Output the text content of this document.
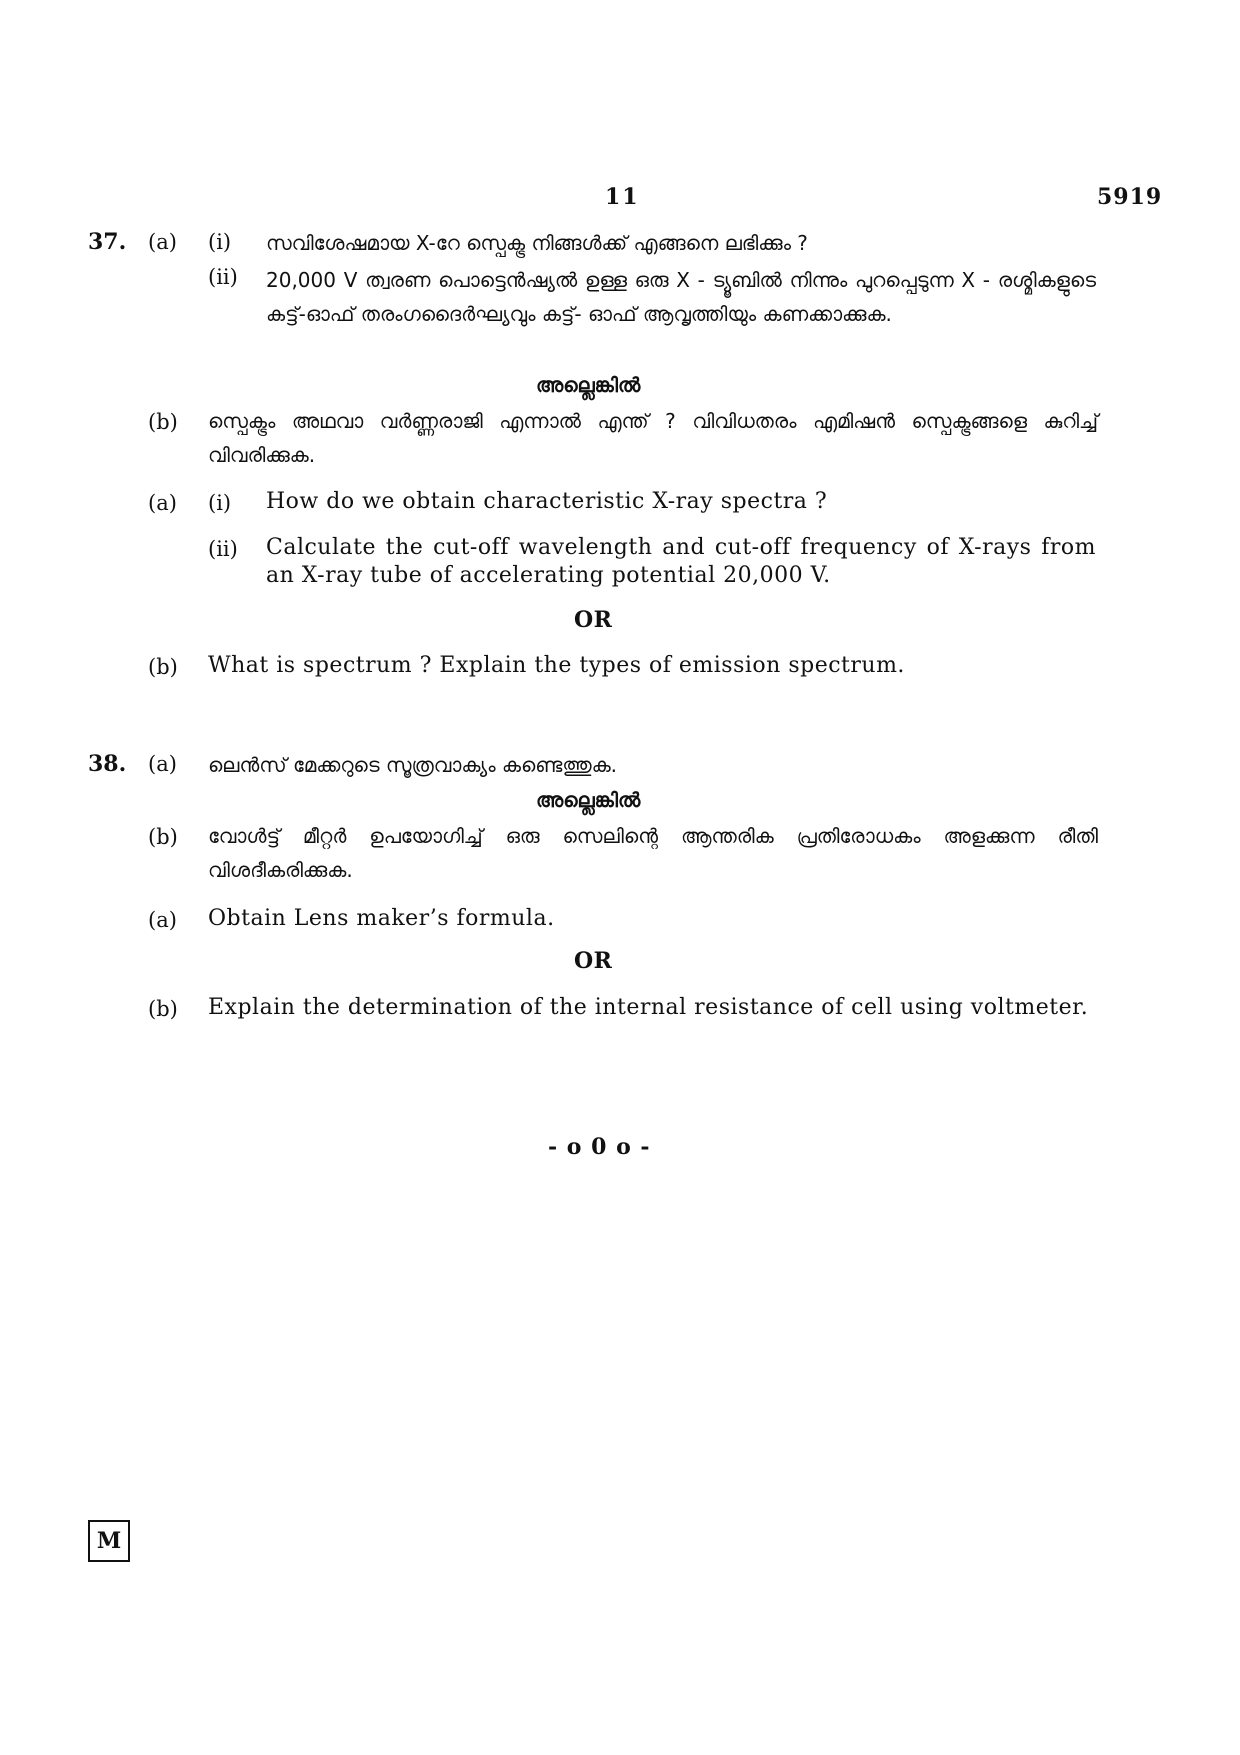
11	5919
37. (a) (i) സവിശേഷമായ X-റേ സ്പെക്ട്ര നിങ്ങൾക്ക് എങ്ങനെ ലഭിക്കും ?
(ii) 20,000 V ത്വരണ പൊട്ടെൻഷ്യൽ ഉള്ള ഒരു X - ട്യൂബിൽ നിന്നും പുറപ്പെടുന്ന X - രശ്മികളുടെ കട്ട്-ഓഫ് തരംഗദൈർഘ്യവും കട്ട്- ഓഫ് ആവൃത്തിയും കണക്കാക്കുക.
അല്ലെങ്കിൽ
(b) സ്പെക്ട്രം അഥവാ വർണ്ണരാജി എന്നാൽ എന്ത് ? വിവിധതരം എമിഷൻ സ്പെക്ട്രങ്ങളെ കുറിച്ച് വിവരിക്കുക.
(a) (i) How do we obtain characteristic X-ray spectra ?
(ii) Calculate the cut-off wavelength and cut-off frequency of X-rays from an X-ray tube of accelerating potential 20,000 V.
OR
(b) What is spectrum ? Explain the types of emission spectrum.
38. (a) ലെൻസ് മേക്കറുടെ സൂത്രവാക്യം കണ്ടെത്തുക.
അല്ലെങ്കിൽ
(b) വോൾട്ട് മീറ്റർ ഉപയോഗിച്ച് ഒരു സെലിന്റെ ആന്തരിക പ്രതിരോധകം അളക്കുന്ന രീതി വിശദീകരിക്കുക.
(a) Obtain Lens maker’s formula.
OR
(b) Explain the determination of the internal resistance of cell using voltmeter.
- o 0 o -
M
